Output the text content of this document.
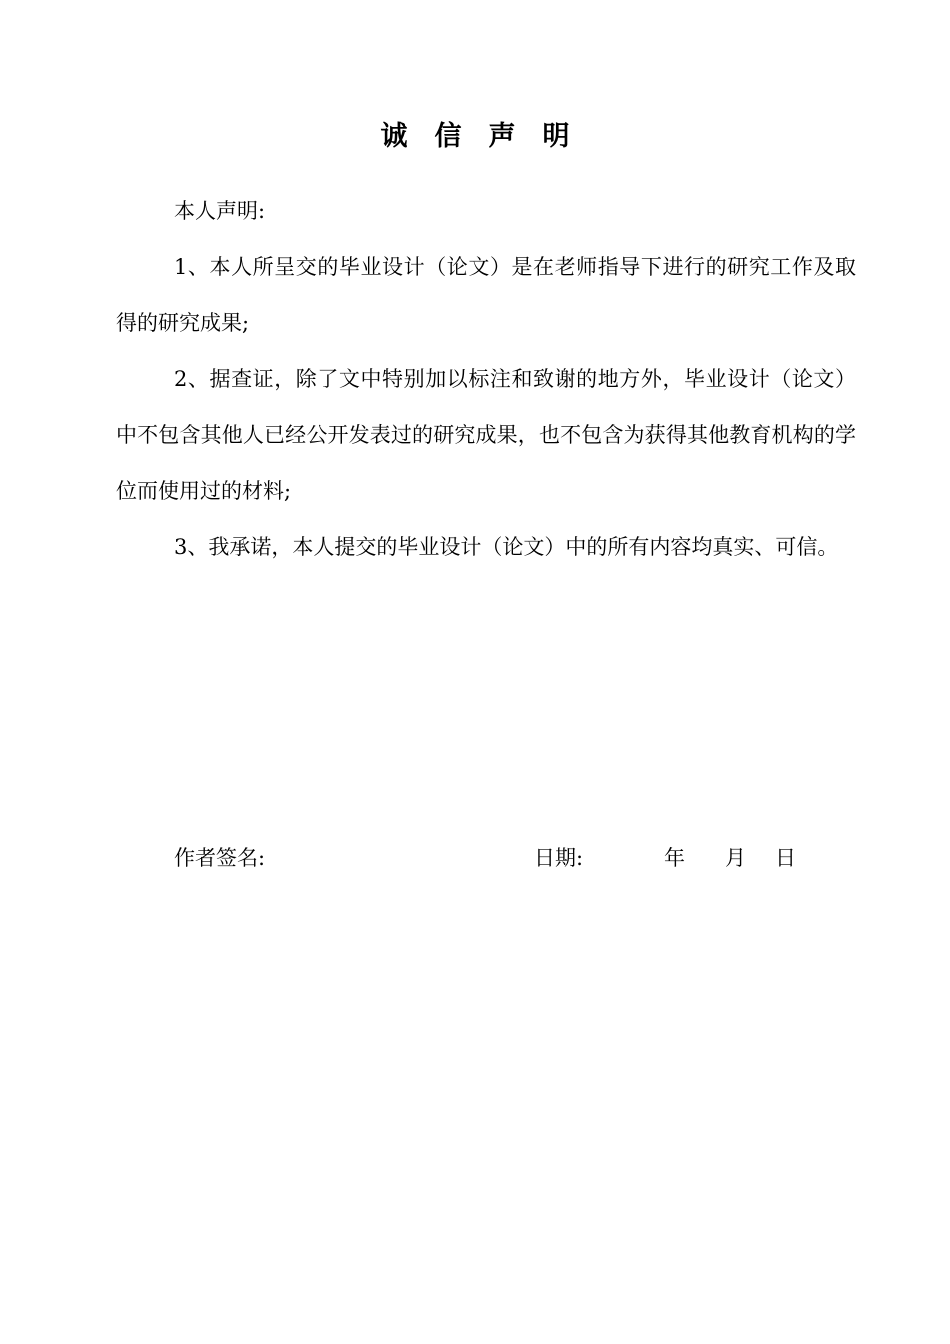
诚信声明

本人声明:

1、本人所呈交的毕业设计（论文）是在老师指导下进行的研究工作及取得的研究成果;

2、据查证，除了文中特别加以标注和致谢的地方外，毕业设计（论文）中不包含其他人已经公开发表过的研究成果，也不包含为获得其他教育机构的学位而使用过的材料;

3、我承诺，本人提交的毕业设计（论文）中的所有内容均真实、可信。

作者签名:	日期:	年 月 日
